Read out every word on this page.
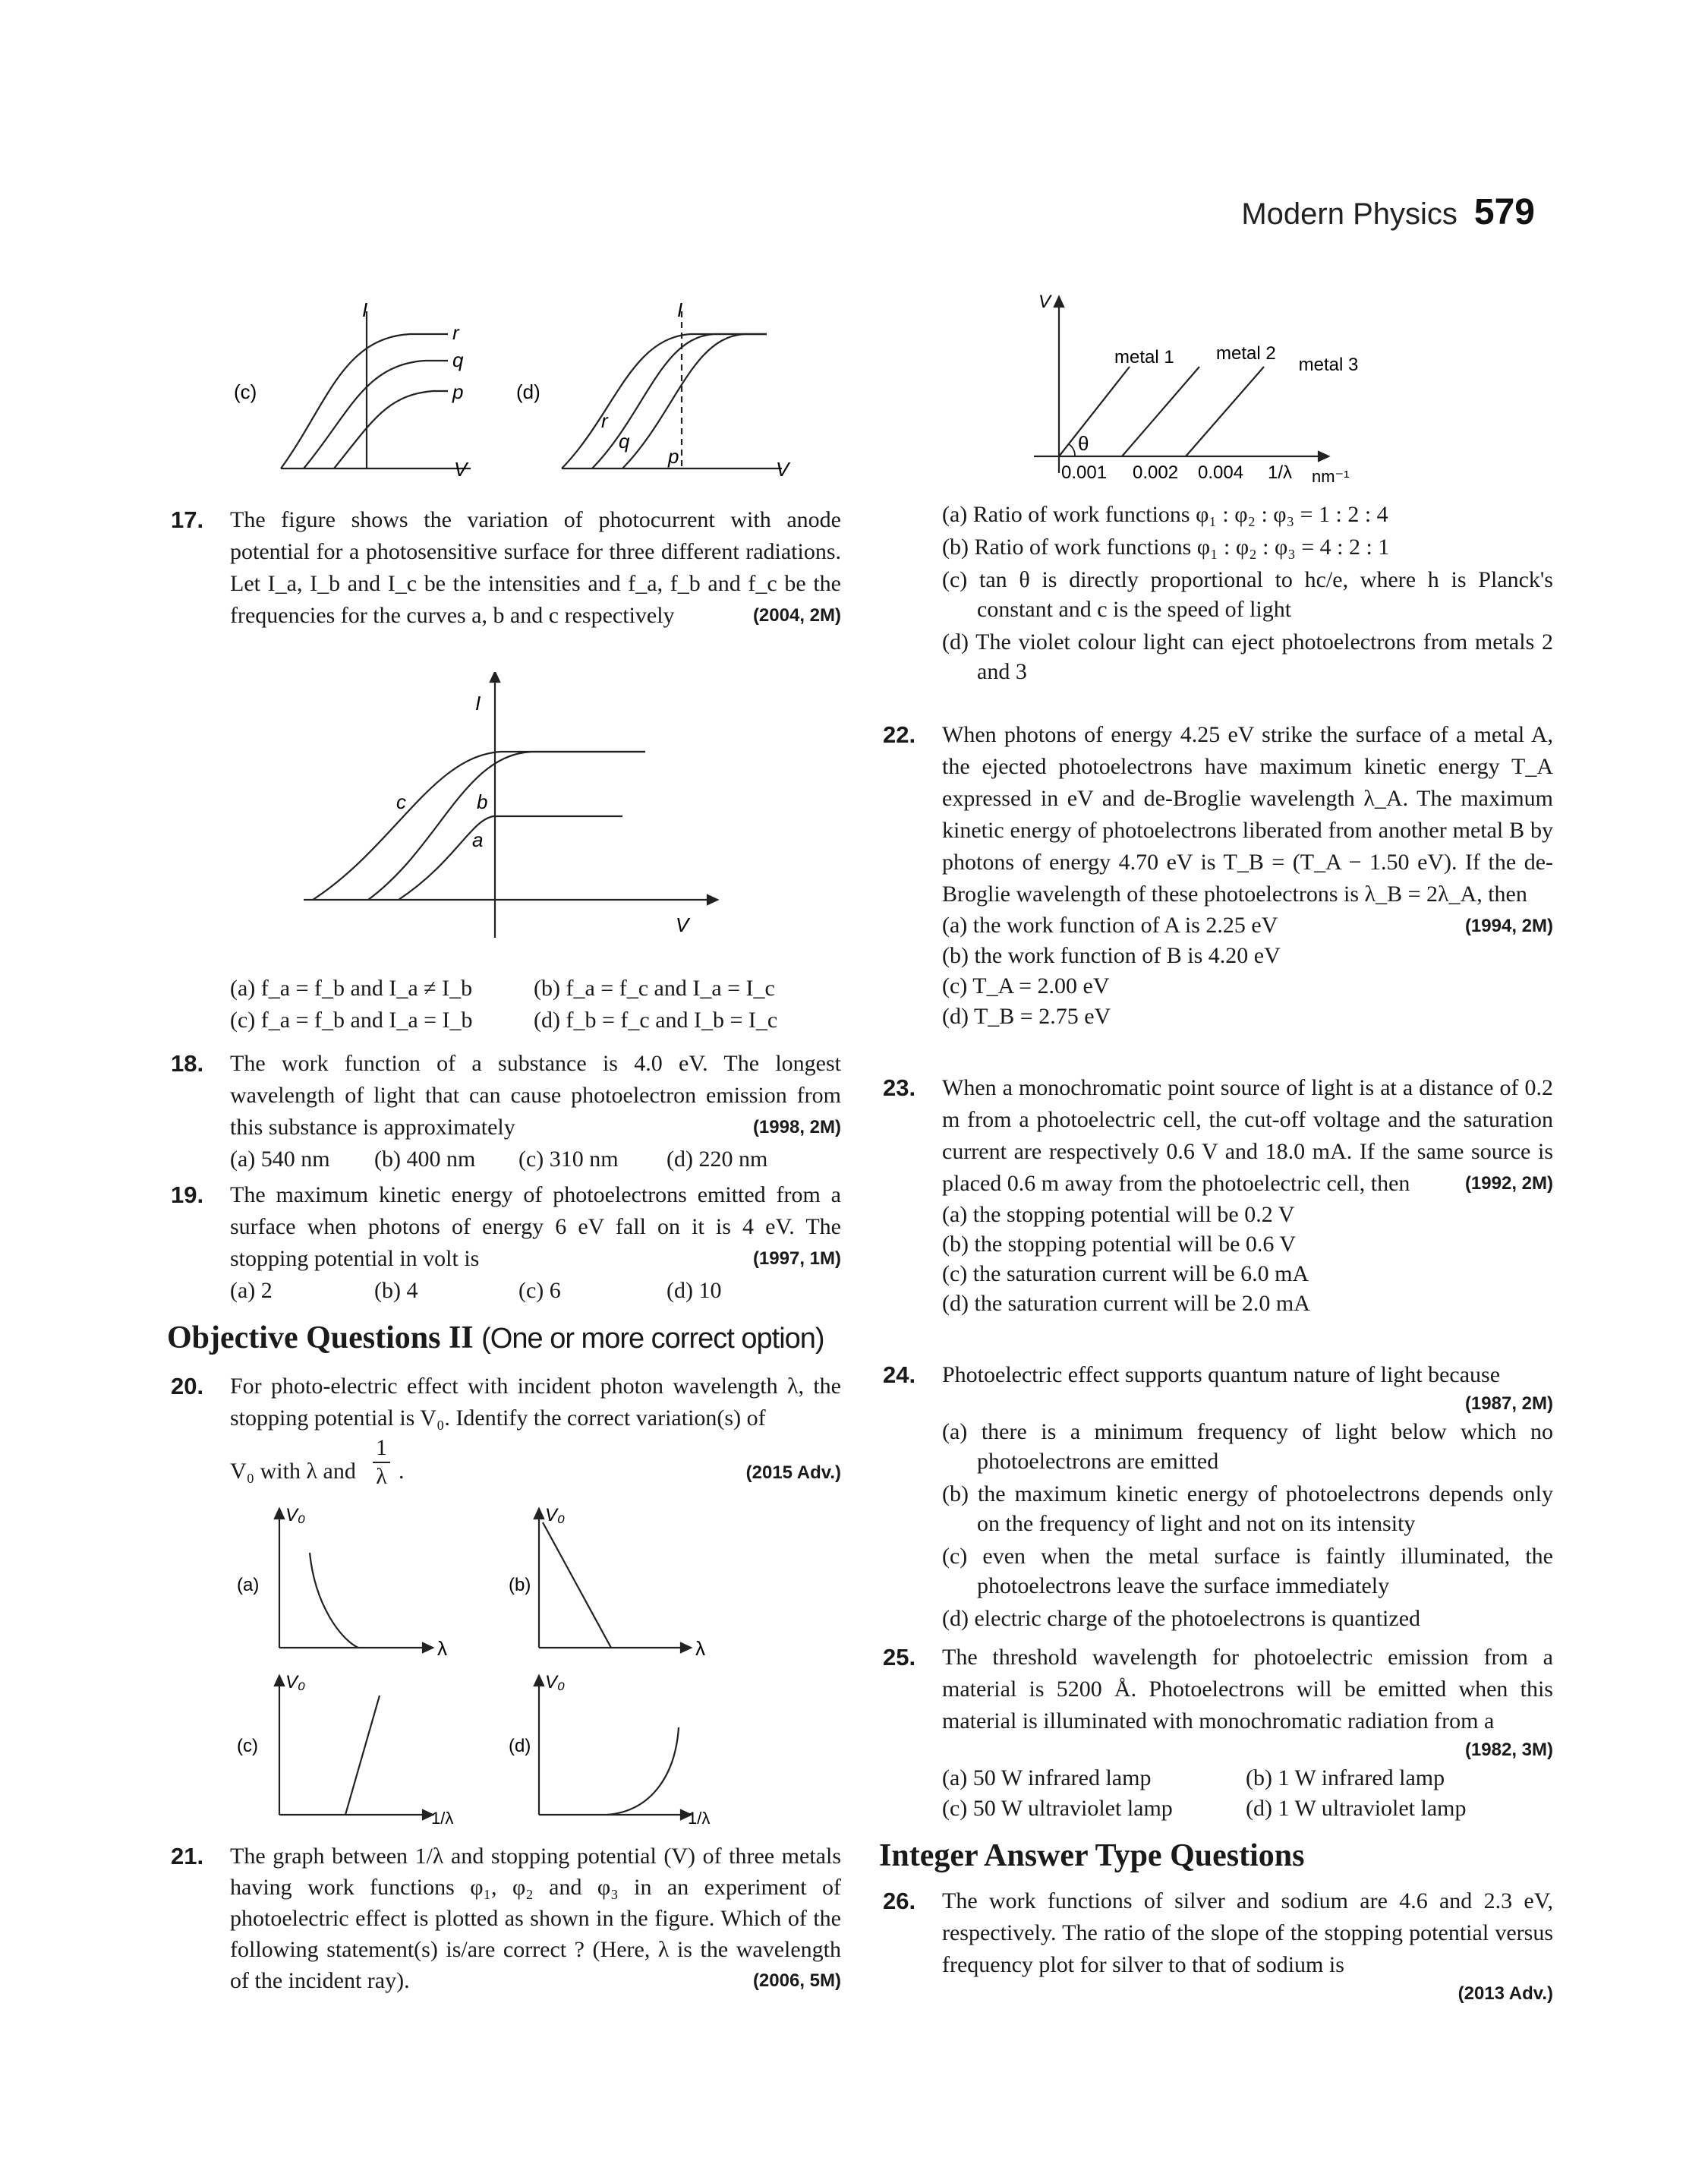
Modern Physics 579
(c)
I
r
q
p
V
(d)
I
r
q
p
V
17. The figure shows the variation of photocurrent with anode potential for a photosensitive surface for three different radiations. Let I_a, I_b and I_c be the intensities and f_a, f_b and f_c be the frequencies for the curves a, b and c respectively	(2004, 2M)
I
c	b
a
V
(a) f_a = f_b and I_a ≠ I_b	(b) f_a = f_c and I_a = I_c
(c) f_a = f_b and I_a = I_b	(d) f_b = f_c and I_b = I_c
18. The work function of a substance is 4.0 eV. The longest wavelength of light that can cause photoelectron emission from this substance is approximately	(1998, 2M)
(a) 540 nm	(b) 400 nm	(c) 310 nm	(d) 220 nm
19. The maximum kinetic energy of photoelectrons emitted from a surface when photons of energy 6 eV fall on it is 4 eV. The stopping potential in volt is	(1997, 1M)
(a) 2	(b) 4	(c) 6	(d) 10
Objective Questions II (One or more correct option)
20. For photo-electric effect with incident photon wavelength λ, the stopping potential is V₀. Identify the correct variation(s) of
V₀ with λ and
1
λ .	(2015 Adv.)
(a)
V₀
λ
(b)
V₀
λ
(c)
V₀
1/λ
(d)
V₀
1/λ
21. The graph between 1/λ and stopping potential (V) of three metals having work functions φ₁, φ₂ and φ₃ in an experiment of photoelectric effect is plotted as shown in the figure. Which of the following statement(s) is/are correct ? (Here, λ is the wavelength of the incident ray).	(2006, 5M)
V
metal 1 metal 2
metal 3
θ
0.001 0.002 0.004 1/λ nm⁻¹
(a) Ratio of work functions φ₁ : φ₂ : φ₃ = 1 : 2 : 4
(b) Ratio of work functions φ₁ : φ₂ : φ₃ = 4 : 2 : 1
(c) tan θ is directly proportional to hc/e, where h is Planck's constant and c is the speed of light
(d) The violet colour light can eject photoelectrons from metals 2 and 3
22. When photons of energy 4.25 eV strike the surface of a metal A, the ejected photoelectrons have maximum kinetic energy T_A expressed in eV and de-Broglie wavelength λ_A. The maximum kinetic energy of photoelectrons liberated from another metal B by photons of energy 4.70 eV is T_B = (T_A − 1.50 eV). If the de-Broglie wavelength of these photoelectrons is λ_B = 2λ_A, then
(1994, 2M)
(a) the work function of A is 2.25 eV
(b) the work function of B is 4.20 eV
(c) T_A = 2.00 eV
(d) T_B = 2.75 eV
23. When a monochromatic point source of light is at a distance of 0.2 m from a photoelectric cell, the cut-off voltage and the saturation current are respectively 0.6 V and 18.0 mA. If the same source is placed 0.6 m away from the photoelectric cell, then	(1992, 2M)
(a) the stopping potential will be 0.2 V
(b) the stopping potential will be 0.6 V
(c) the saturation current will be 6.0 mA
(d) the saturation current will be 2.0 mA
24. Photoelectric effect supports quantum nature of light because
(1987, 2M)
(a) there is a minimum frequency of light below which no photoelectrons are emitted
(b) the maximum kinetic energy of photoelectrons depends only on the frequency of light and not on its intensity
(c) even when the metal surface is faintly illuminated, the photoelectrons leave the surface immediately
(d) electric charge of the photoelectrons is quantized
25. The threshold wavelength for photoelectric emission from a material is 5200 Å. Photoelectrons will be emitted when this material is illuminated with monochromatic radiation from a
(1982, 3M)
(a) 50 W infrared lamp	(b) 1 W infrared lamp
(c) 50 W ultraviolet lamp	(d) 1 W ultraviolet lamp
Integer Answer Type Questions
26. The work functions of silver and sodium are 4.6 and 2.3 eV, respectively. The ratio of the slope of the stopping potential versus frequency plot for silver to that of sodium is
(2013 Adv.)
